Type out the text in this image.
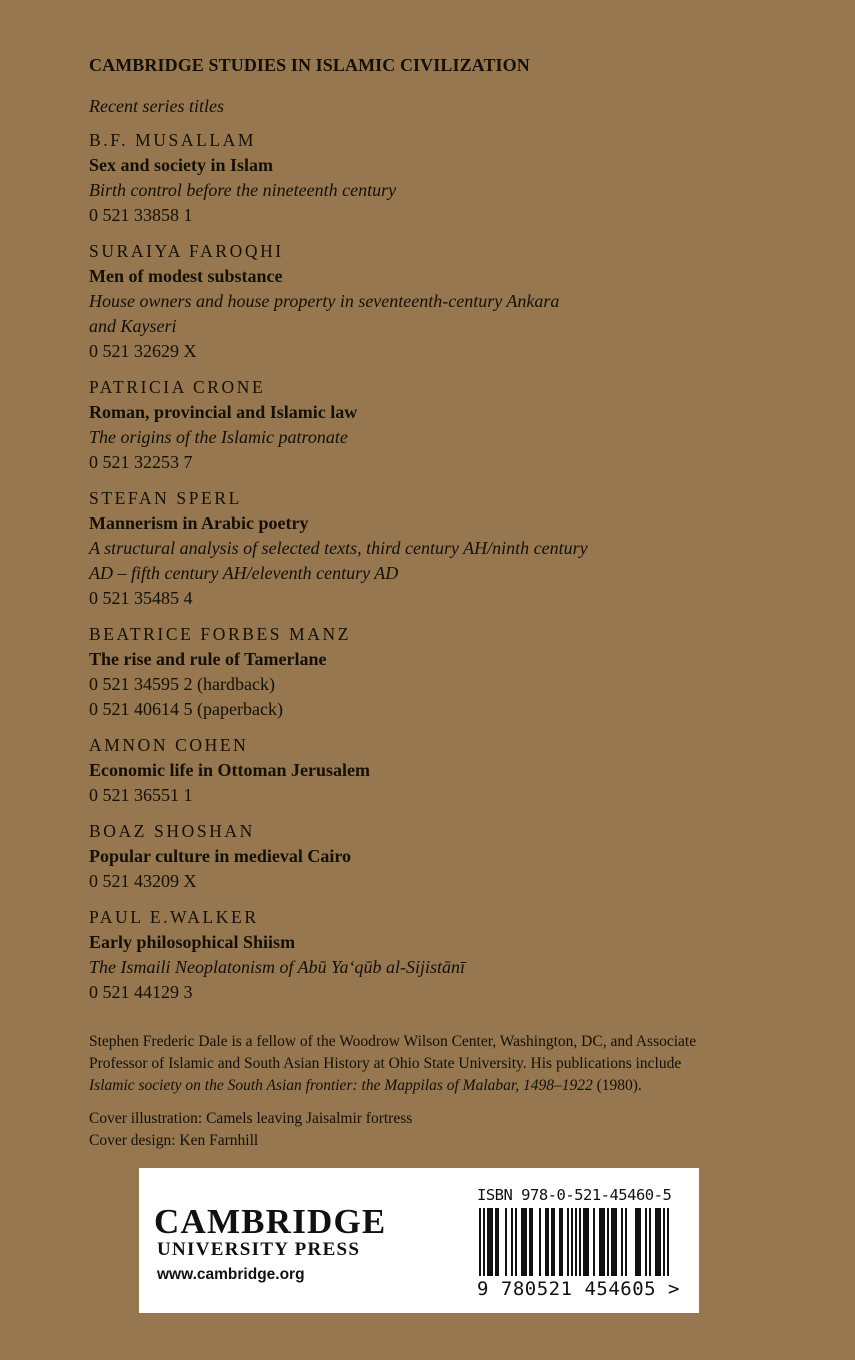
CAMBRIDGE STUDIES IN ISLAMIC CIVILIZATION
Recent series titles
B.F. MUSALLAM
Sex and society in Islam
Birth control before the nineteenth century
0 521 33858 1
SURAIYA FAROQHI
Men of modest substance
House owners and house property in seventeenth-century Ankara
and Kayseri
0 521 32629 X
PATRICIA CRONE
Roman, provincial and Islamic law
The origins of the Islamic patronate
0 521 32253 7
STEFAN SPERL
Mannerism in Arabic poetry
A structural analysis of selected texts, third century AH/ninth century
AD – fifth century AH/eleventh century AD
0 521 35485 4
BEATRICE FORBES MANZ
The rise and rule of Tamerlane
0 521 34595 2 (hardback)
0 521 40614 5 (paperback)
AMNON COHEN
Economic life in Ottoman Jerusalem
0 521 36551 1
BOAZ SHOSHAN
Popular culture in medieval Cairo
0 521 43209 X
PAUL E.WALKER
Early philosophical Shiism
The Ismaili Neoplatonism of Abū Ya‘qūb al-Sijistānī
0 521 44129 3
Stephen Frederic Dale is a fellow of the Woodrow Wilson Center, Washington, DC, and Associate
Professor of Islamic and South Asian History at Ohio State University. His publications include
Islamic society on the South Asian frontier: the Mappilas of Malabar, 1498–1922 (1980).
Cover illustration: Camels leaving Jaisalmir fortress
Cover design: Ken Farnhill
CAMBRIDGE
UNIVERSITY PRESS
www.cambridge.org
ISBN 978-0-521-45460-5
9 780521 454605 >
